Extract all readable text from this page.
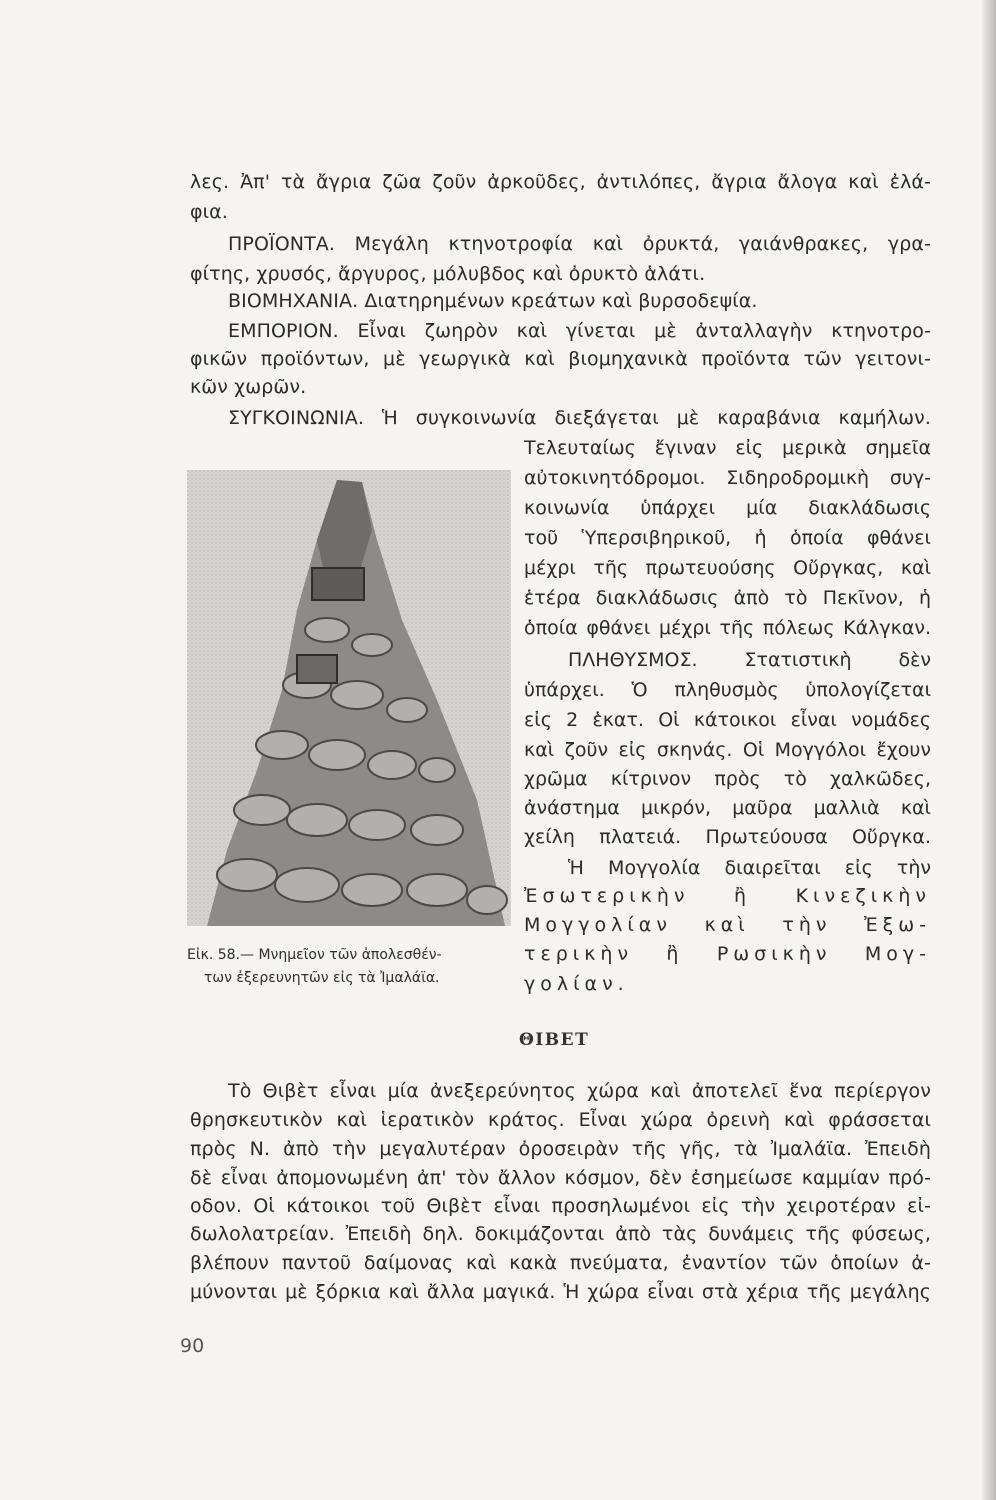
λες. Ἀπ' τὰ ἄγρια ζῶα ζοῦν ἀρκοῦδες, ἀντιλόπες, ἄγρια ἄλογα καὶ ἐλά-
φια.
ΠΡΟΪΟΝΤΑ. Μεγάλη κτηνοτροφία καὶ ὀρυκτά, γαιάνθρακες, γρα-
φίτης, χρυσός, ἄργυρος, μόλυβδος καὶ ὀρυκτὸ ἁλάτι.
ΒΙΟΜΗΧΑΝΙΑ. Διατηρημένων κρεάτων καὶ βυρσοδεψία.
ΕΜΠΟΡΙΟΝ. Εἶναι ζωηρὸν καὶ γίνεται μὲ ἀνταλλαγὴν κτηνοτρο-
φικῶν προϊόντων, μὲ γεωργικὰ καὶ βιομηχανικὰ προϊόντα τῶν γειτονι-
κῶν χωρῶν.
ΣΥΓΚΟΙΝΩΝΙΑ. Ἡ συγκοινωνία διεξάγεται μὲ καραβάνια καμήλων.
Εἰκ. 58.— Μνημεῖον τῶν ἀπολεσθέν-
των ἐξερευνητῶν εἰς τὰ Ἰμαλάϊα.
Τελευταίως ἔγιναν εἰς μερικὰ σημεῖα
αὐτοκινητόδρομοι. Σιδηροδρομικὴ συγ-
κοινωνία ὑπάρχει μία διακλάδωσις
τοῦ Ὑπερσιβηρικοῦ, ἡ ὁποία φθάνει
μέχρι τῆς πρωτευούσης Οὔργκας, καὶ
ἑτέρα διακλάδωσις ἀπὸ τὸ Πεκῖνον, ἡ
ὁποία φθάνει μέχρι τῆς πόλεως Κάλγκαν.
ΠΛΗΘΥΣΜΟΣ. Στατιστικὴ δὲν
ὑπάρχει. Ὁ πληθυσμὸς ὑπολογίζεται
εἰς 2 ἑκατ. Οἱ κάτοικοι εἶναι νομάδες
καὶ ζοῦν εἰς σκηνάς. Οἱ Μογγόλοι ἔχουν
χρῶμα κίτρινον πρὸς τὸ χαλκῶδες,
ἀνάστημα μικρόν, μαῦρα μαλλιὰ καὶ
χείλη πλατειά. Πρωτεύουσα Οὔργκα.
Ἡ Μογγολία διαιρεῖται εἰς τὴν
Ἐσωτερικὴν ἢ Κινεζικὴν
Μογγολίαν καὶ τὴν Ἐξω-
τερικὴν ἢ Ρωσικὴν Μογ-
γολίαν.
ΘΙΒΕΤ
Τὸ Θιβὲτ εἶναι μία ἀνεξερεύνητος χώρα καὶ ἀποτελεῖ ἕνα περίεργον
θρησκευτικὸν καὶ ἱερατικὸν κράτος. Εἶναι χώρα ὀρεινὴ καὶ φράσσεται
πρὸς Ν. ἀπὸ τὴν μεγαλυτέραν ὀροσειρὰν τῆς γῆς, τὰ Ἰμαλάϊα. Ἐπειδὴ
δὲ εἶναι ἀπομονωμένη ἀπ' τὸν ἄλλον κόσμον, δὲν ἐσημείωσε καμμίαν πρό-
οδον. Οἱ κάτοικοι τοῦ Θιβὲτ εἶναι προσηλωμένοι εἰς τὴν χειροτέραν εἰ-
δωλολατρείαν. Ἐπειδὴ δηλ. δοκιμάζονται ἀπὸ τὰς δυνάμεις τῆς φύσεως,
βλέπουν παντοῦ δαίμονας καὶ κακὰ πνεύματα, ἐναντίον τῶν ὁποίων ἀ-
μύνονται μὲ ξόρκια καὶ ἄλλα μαγικά. Ἡ χώρα εἶναι στὰ χέρια τῆς μεγάλης
90
